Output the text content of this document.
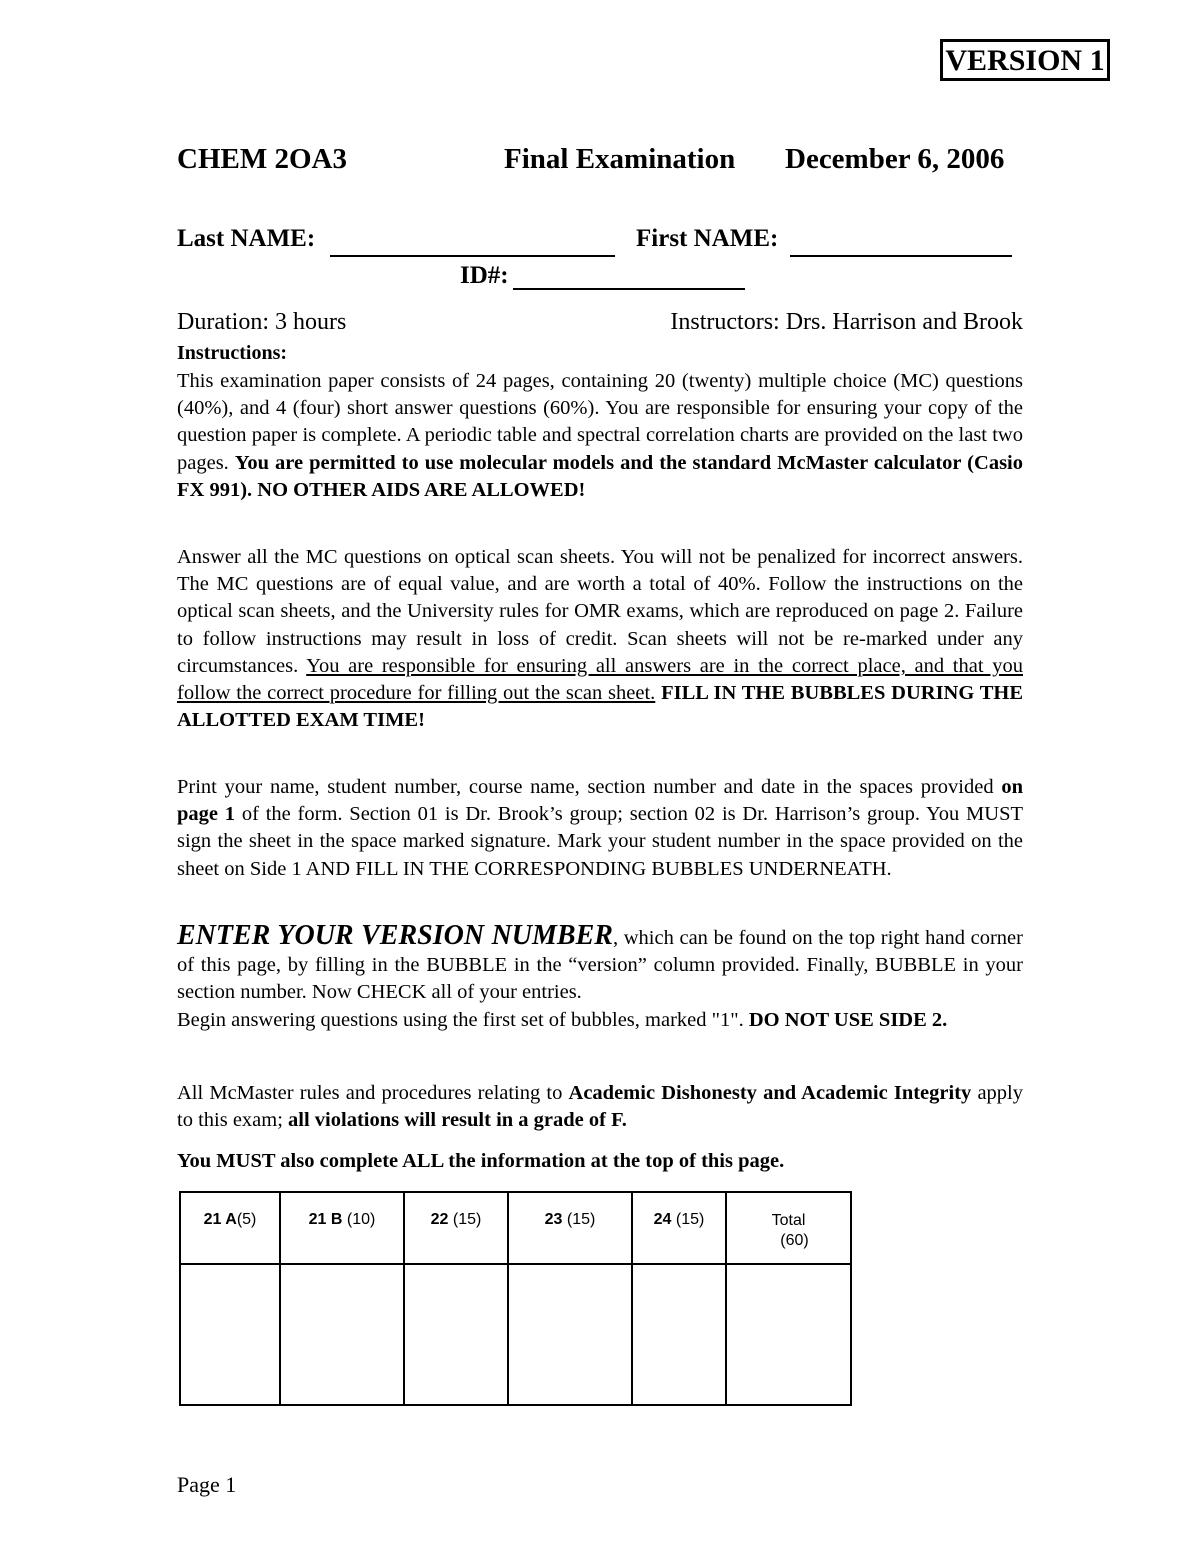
VERSION 1
CHEM 2OA3	Final Examination December 6, 2006
Last NAME:	First NAME:
ID#:
Duration: 3 hours	Instructors: Drs. Harrison and Brook
Instructions:

This examination paper consists of 24 pages, containing 20 (twenty) multiple choice (MC) questions (40%), and 4 (four) short answer questions (60%). You are responsible for ensuring your copy of the question paper is complete. A periodic table and spectral correlation charts are provided on the last two pages. You are permitted to use molecular models and the standard McMaster calculator (Casio FX 991). NO OTHER AIDS ARE ALLOWED!

Answer all the MC questions on optical scan sheets. You will not be penalized for incorrect answers. The MC questions are of equal value, and are worth a total of 40%. Follow the instructions on the optical scan sheets, and the University rules for OMR exams, which are reproduced on page 2. Failure to follow instructions may result in loss of credit. Scan sheets will not be re-marked under any circumstances. You are responsible for ensuring all answers are in the correct place, and that you follow the correct procedure for filling out the scan sheet. FILL IN THE BUBBLES DURING THE ALLOTTED EXAM TIME!

Print your name, student number, course name, section number and date in the spaces provided on page 1 of the form. Section 01 is Dr. Brook’s group; section 02 is Dr. Harrison’s group. You MUST sign the sheet in the space marked signature. Mark your student number in the space provided on the sheet on Side 1 AND FILL IN THE CORRESPONDING BUBBLES UNDERNEATH.

ENTER YOUR VERSION NUMBER, which can be found on the top right hand corner of this page, by filling in the BUBBLE in the “version” column provided. Finally, BUBBLE in your section number. Now CHECK all of your entries.

Begin answering questions using the first set of bubbles, marked "1". DO NOT USE SIDE 2.

All McMaster rules and procedures relating to Academic Dishonesty and Academic Integrity apply to this exam; all violations will result in a grade of F.

You MUST also complete ALL the information at the top of this page.
21 A(5)	21 B (10)	22 (15)	23 (15)	24 (15)	Total
(60)

Page 1
